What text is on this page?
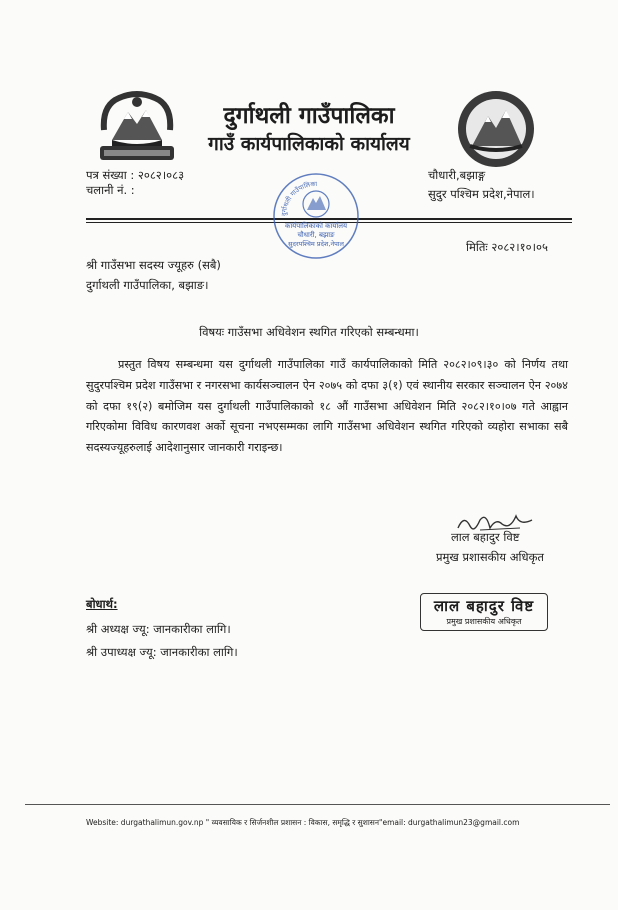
दुर्गाथली गाउँपालिका
गाउँ कार्यपालिकाको कार्यालय
पत्र संख्या : २०८२।०८३
चलानी नं. :
चौधारी,बझाङ्ग
सुदुर पश्चिम प्रदेश,नेपाल।
दुर्गाथली गाउँपालिका
कार्यपालिकाको कार्यालय
चौधारी, बझाङ
सुदरपश्चिम प्रदेश,नेपाल	मितिः २०८२।१०।०५
श्री गाउँसभा सदस्य ज्यूहरु (सबै)
दुर्गाथली गाउँपालिका, बझाङ।
विषयः गाउँसभा अधिवेशन स्थगित गरिएको सम्बन्धमा।
प्रस्तुत विषय सम्बन्धमा यस दुर्गाथली गाउँपालिका गाउँ कार्यपालिकाको मिति २०८२।०९।३० को निर्णय तथा सुदुरपश्चिम प्रदेश गाउँसभा र नगरसभा कार्यसञ्चालन ऐन २०७५ को दफा ३(१) एवं स्थानीय सरकार सञ्चालन ऐन २०७४ को दफा १९(२) बमोजिम यस दुर्गाथली गाउँपालिकाको १८ औं गाउँसभा अधिवेशन मिति २०८२।१०।०७ गते आह्वान गरिएकोमा विविध कारणवश अर्को सूचना नभएसम्मका लागि गाउँसभा अधिवेशन स्थगित गरिएको व्यहोरा सभाका सबै सदस्यज्यूहरुलाई आदेशानुसार जानकारी गराइन्छ।
लाल बहादुर विष्ट
प्रमुख प्रशासकीय अधिकृत
लाल बहादुर विष्ट
प्रमुख प्रशासकीय अधिकृत
बोधार्थ:
श्री अध्यक्ष ज्यू: जानकारीका लागि।
श्री उपाध्यक्ष ज्यू: जानकारीका लागि।
Website: durgathalimun.gov.np " व्यवसायिक र सिर्जनशील प्रशासन : विकास, समृद्धि र सुशासन"email: durgathalimun23@gmail.com
